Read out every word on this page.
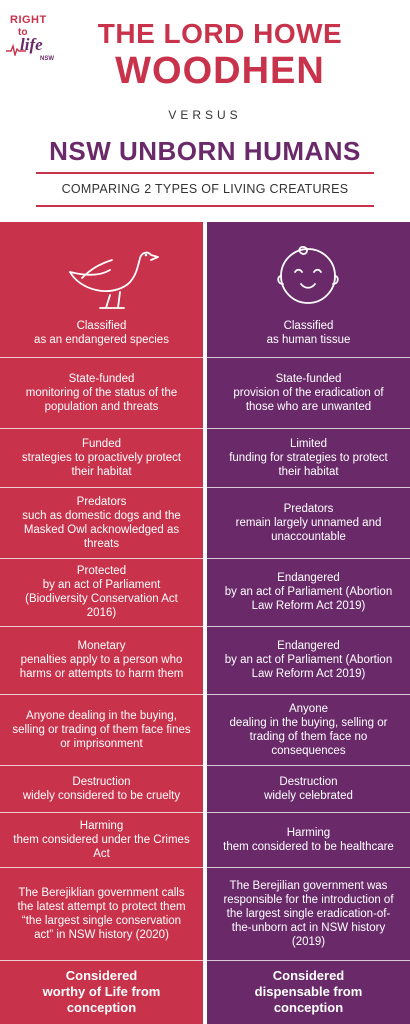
RIGHT
to
life
NSW
THE LORD HOWE
WOODHEN
VERSUS
NSW UNBORN HUMANS
COMPARING 2 TYPES OF LIVING CREATURES
Classified
as an endangered species
State-funded
monitoring of the status of the population and threats
Funded
strategies to proactively protect their habitat
Predators
such as domestic dogs and the Masked Owl acknowledged as threats
Protected
by an act of Parliament (Biodiversity Conservation Act 2016)
Monetary
penalties apply to a person who harms or attempts to harm them
Anyone dealing in the buying, selling or trading of them face fines or imprisonment
Destruction
widely considered to be cruelty
Harming
them considered under the Crimes Act
The Berejiklian government calls the latest attempt to protect them “the largest single conservation act” in NSW history (2020)
Considered
worthy of Life from conception
Classified
as human tissue
State-funded
provision of the eradication of those who are unwanted
Limited
funding for strategies to protect their habitat
Predators
remain largely unnamed and unaccountable
Endangered
by an act of Parliament (Abortion Law Reform Act 2019)
Endangered
by an act of Parliament (Abortion Law Reform Act 2019)
Anyone
dealing in the buying, selling or trading of them face no consequences
Destruction
widely celebrated
Harming
them considered to be healthcare
The Berejilian government was responsible for the introduction of the largest single eradication-of-the-unborn act in NSW history (2019)
Considered
dispensable from conception
